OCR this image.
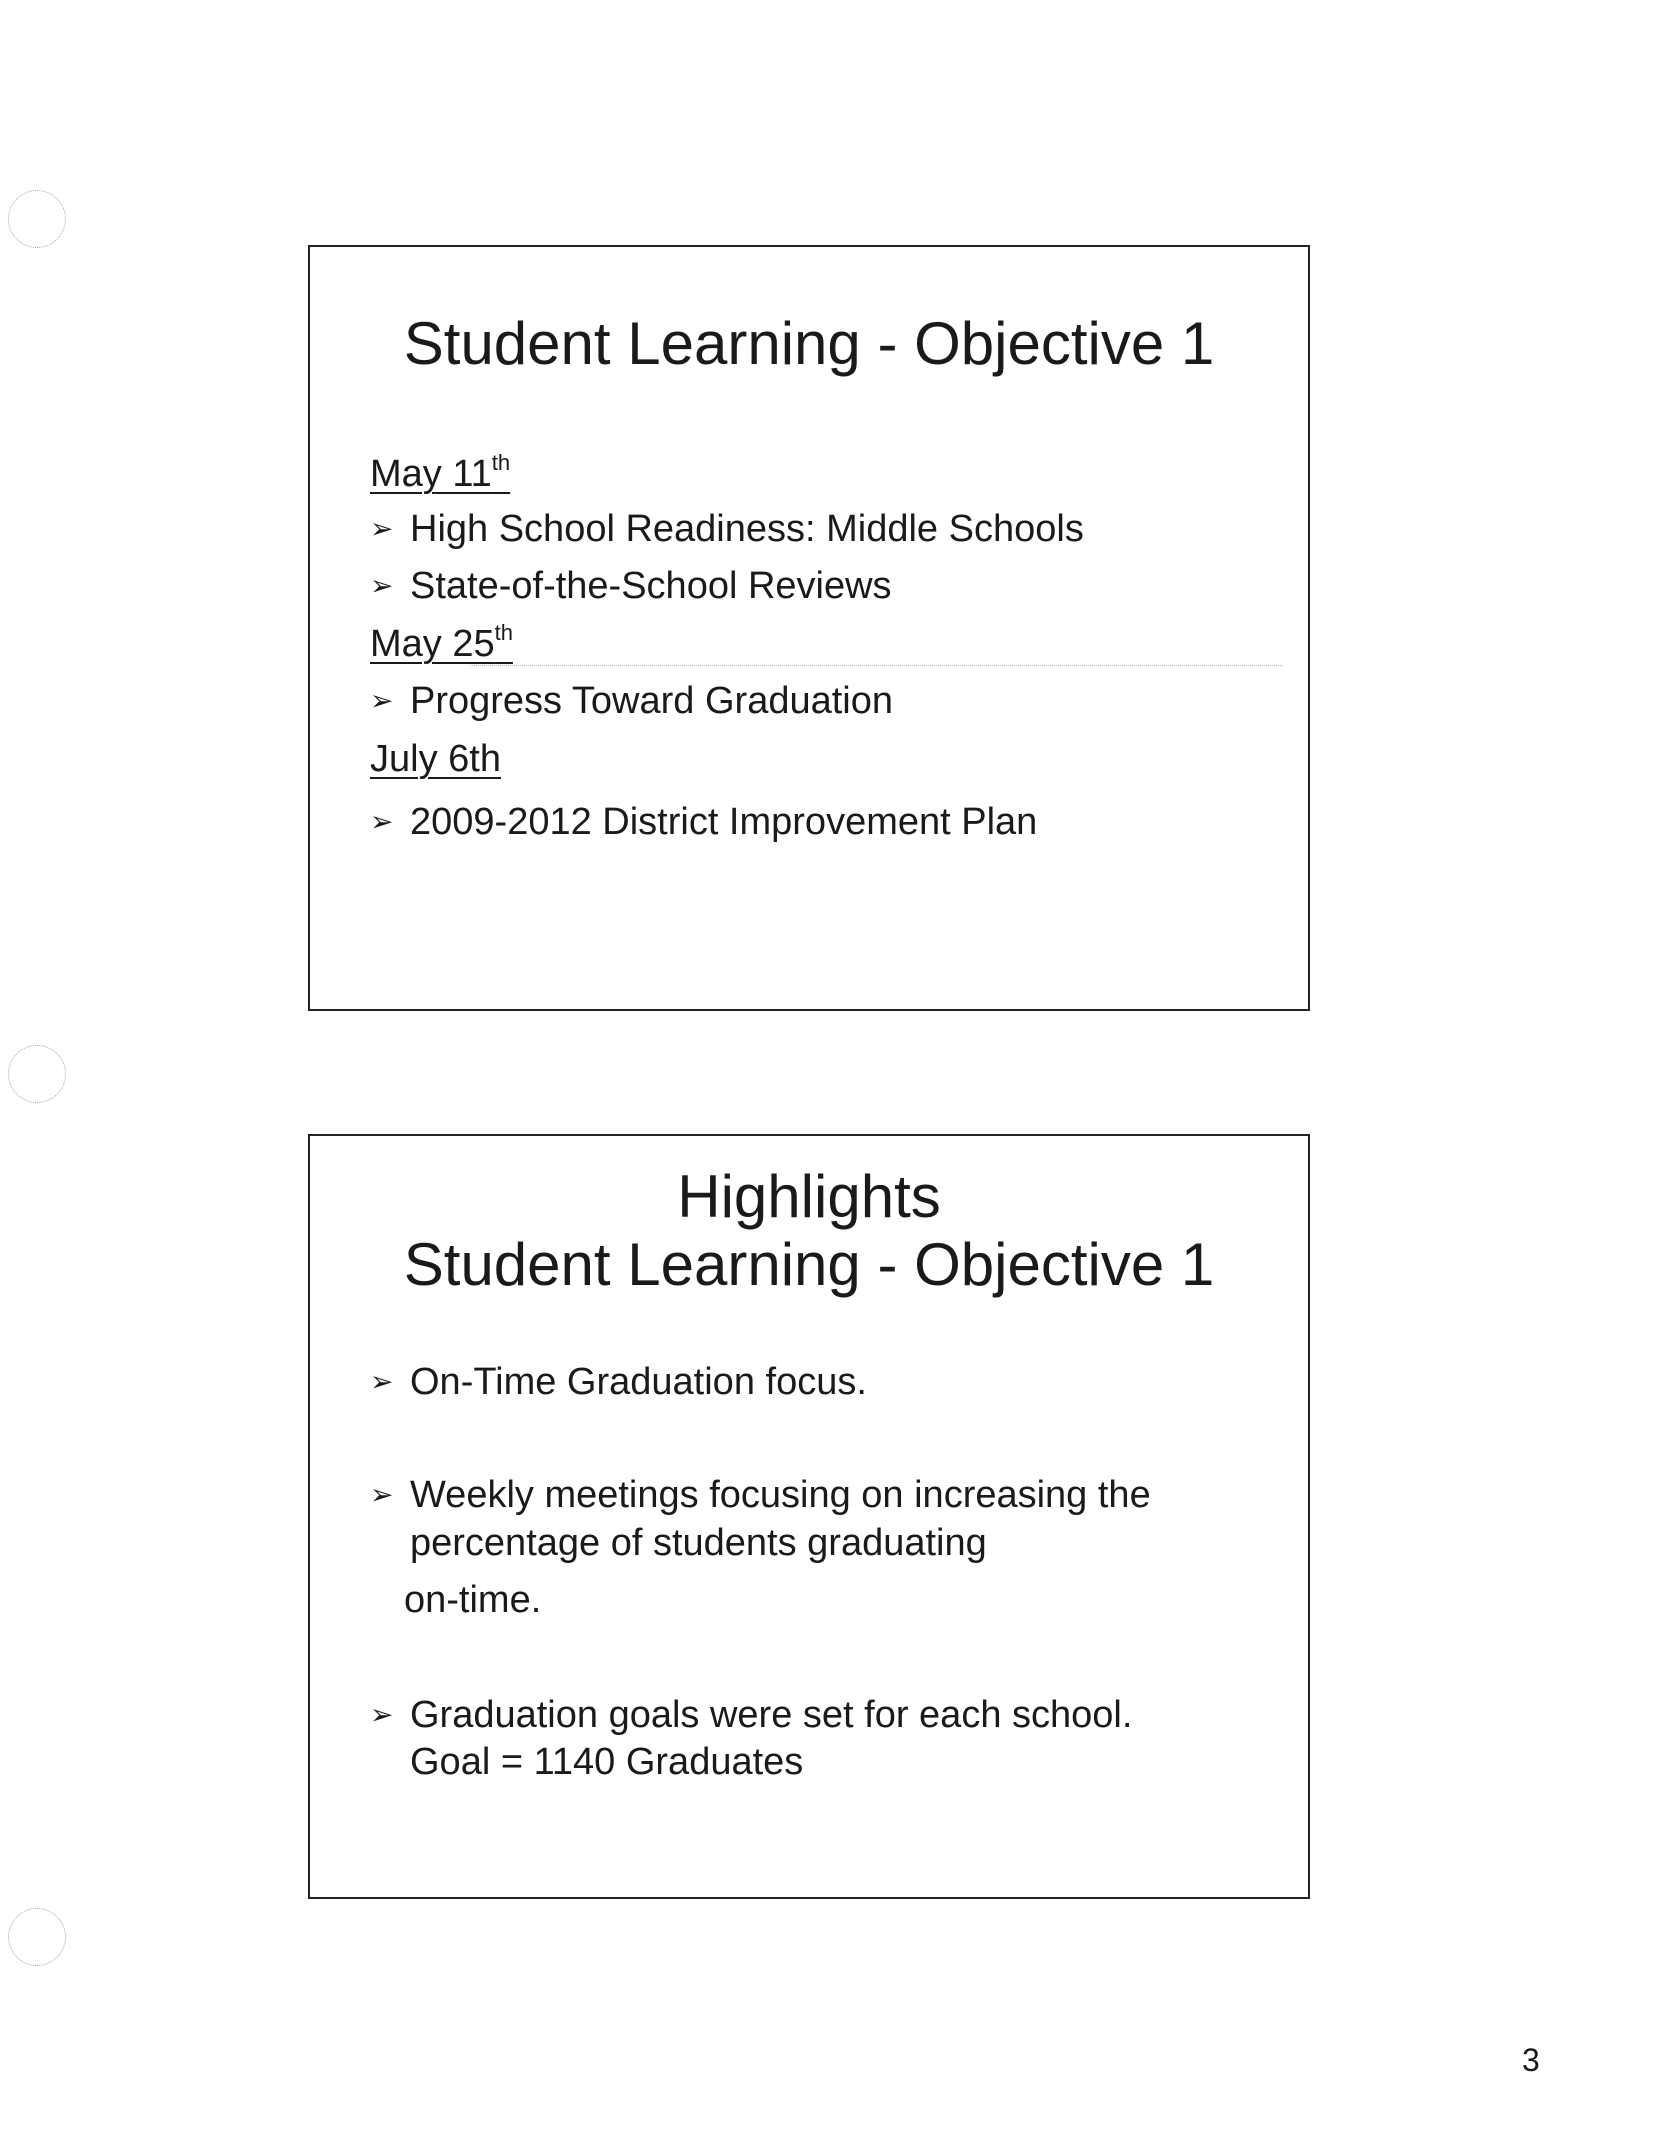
Student Learning - Objective 1
May 11th
➢ High School Readiness: Middle Schools
➢ State-of-the-School Reviews
May 25th
➢ Progress Toward Graduation
July 6th
➢ 2009-2012 District Improvement Plan
Highlights
Student Learning - Objective 1
➢ On-Time Graduation focus.
➢ Weekly meetings focusing on increasing the percentage of students graduating
on-time.
➢ Graduation goals were set for each school.
Goal = 1140 Graduates
3
